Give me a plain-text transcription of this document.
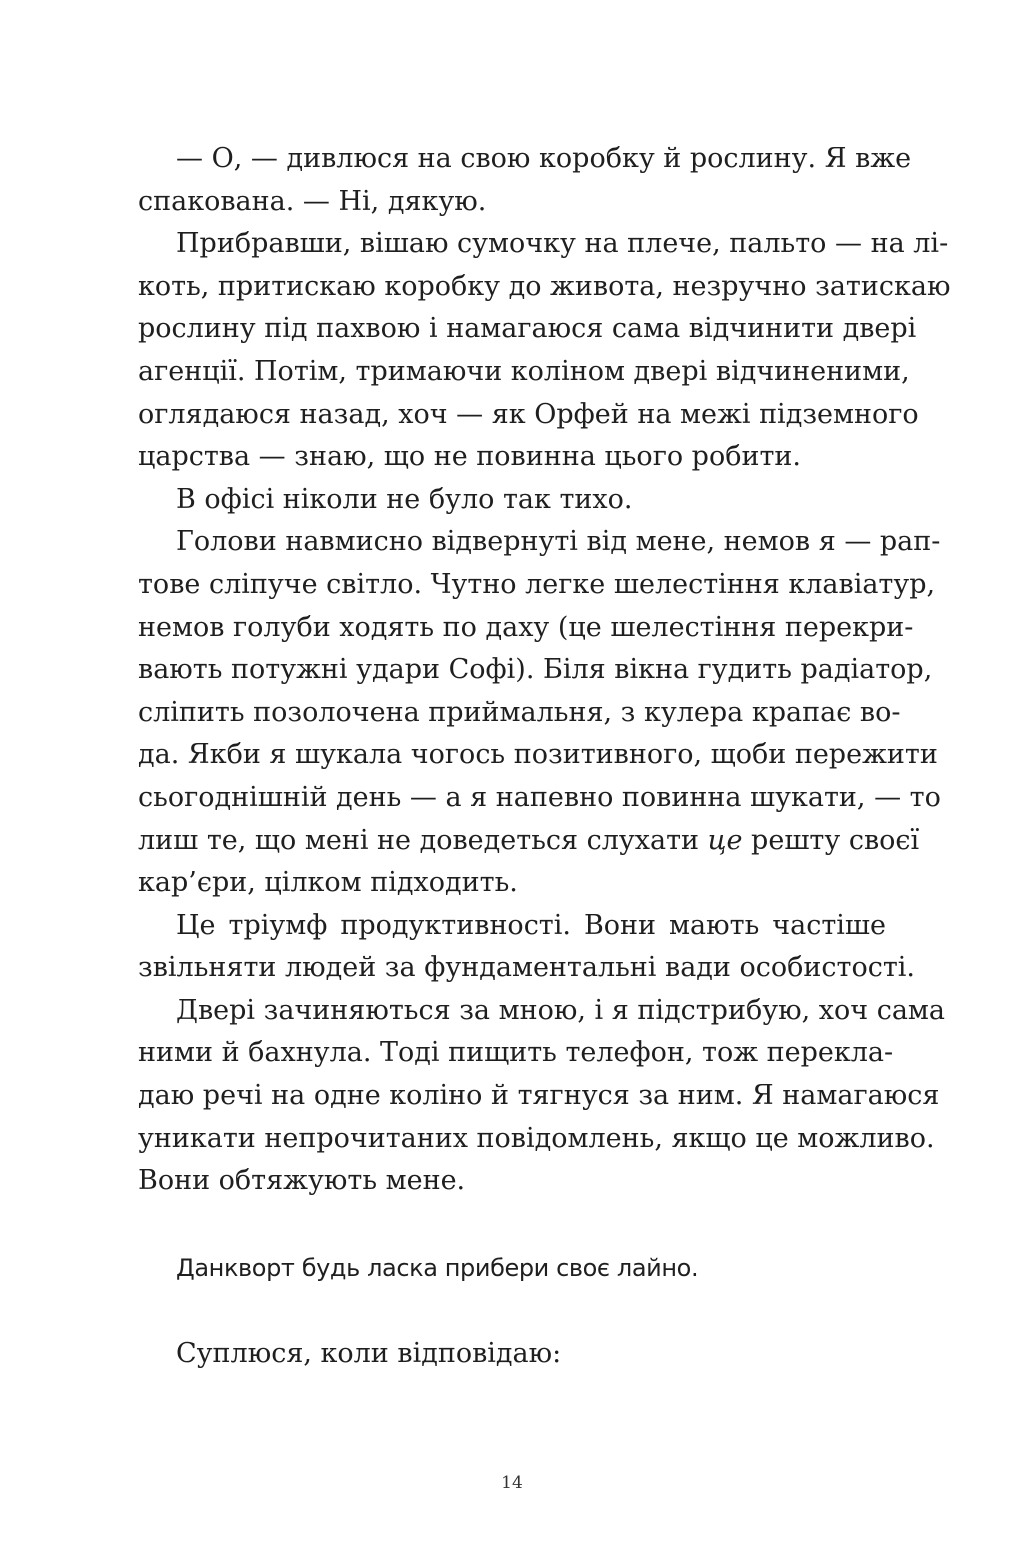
— О, — дивлюся на свою коробку й рослину. Я вже
спакована. — Ні, дякую.
Прибравши, вішаю сумочку на плече, пальто — на лі-
коть, притискаю коробку до живота, незручно затискаю
рослину під пахвою і намагаюся сама відчинити двері
агенції. Потім, тримаючи коліном двері відчиненими,
оглядаюся назад, хоч — як Орфей на межі підземного
царства — знаю, що не повинна цього робити.
В офісі ніколи не було так тихо.
Голови навмисно відвернуті від мене, немов я — рап-
тове сліпуче світло. Чутно легке шелестіння клавіатур,
немов голуби ходять по даху (це шелестіння перекри-
вають потужні удари Софі). Біля вікна гудить радіатор,
сліпить позолочена приймальня, з кулера крапає во-
да. Якби я шукала чогось позитивного, щоби пережити
сьогоднішній день — а я напевно повинна шукати, — то
лиш те, що мені не доведеться слухати це решту своєї
кар’єри, цілком підходить.
Це тріумф продуктивності. Вони мають частіше
звільняти людей за фундаментальні вади особистості.
Двері зачиняються за мною, і я підстрибую, хоч сама
ними й бахнула. Тоді пищить телефон, тож перекла-
даю речі на одне коліно й тягнуся за ним. Я намагаюся
уникати непрочитаних повідомлень, якщо це можливо.
Вони обтяжують мене.
Данкворт будь ласка прибери своє лайно.
Суплюся, коли відповідаю:
14
